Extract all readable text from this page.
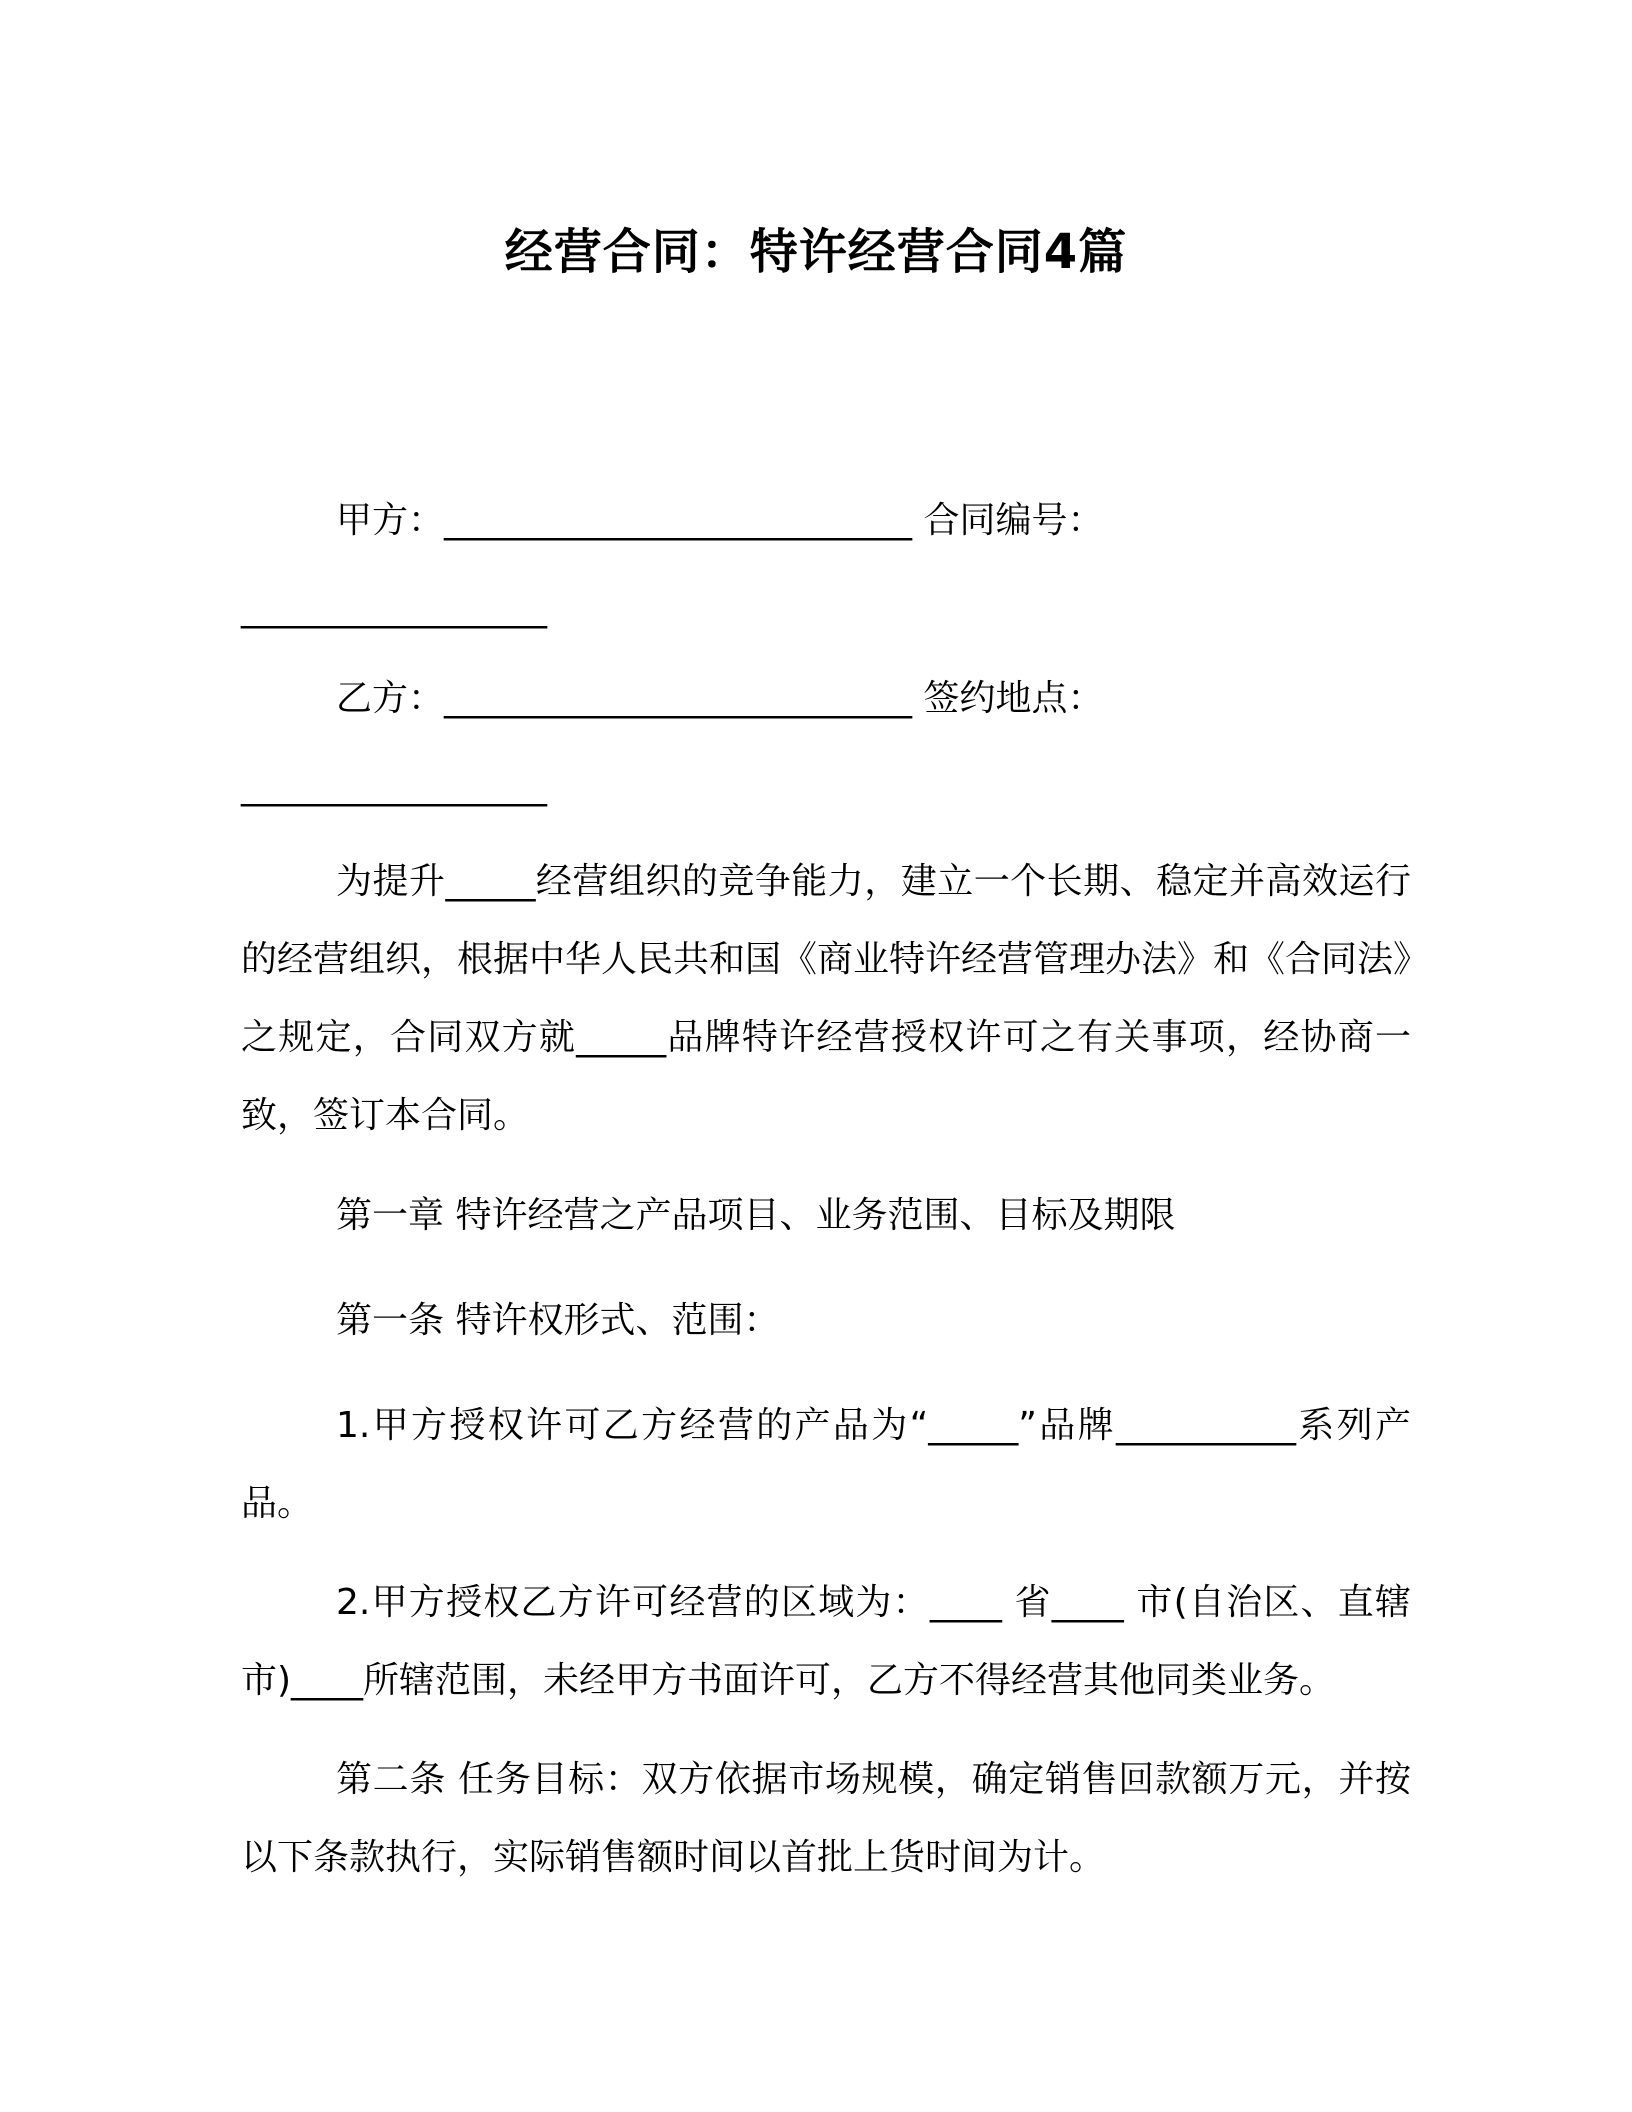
经营合同：特许经营合同4篇
甲方：__________________________ 合同编号：
_________________
乙方：__________________________ 签约地点：
_________________
为提升_____经营组织的竞争能力，建立一个长期、稳定并高效运行的经营组织，根据中华人民共和国《商业特许经营管理办法》和《合同法》之规定，合同双方就_____品牌特许经营授权许可之有关事项，经协商一致，签订本合同。
第一章 特许经营之产品项目、业务范围、目标及期限
第一条 特许权形式、范围：
1.甲方授权许可乙方经营的产品为“_____”品牌__________系列产品。
2.甲方授权乙方许可经营的区域为：____ 省____ 市(自治区、直辖市)____所辖范围，未经甲方书面许可，乙方不得经营其他同类业务。
第二条 任务目标：双方依据市场规模，确定销售回款额万元，并按以下条款执行，实际销售额时间以首批上货时间为计。
